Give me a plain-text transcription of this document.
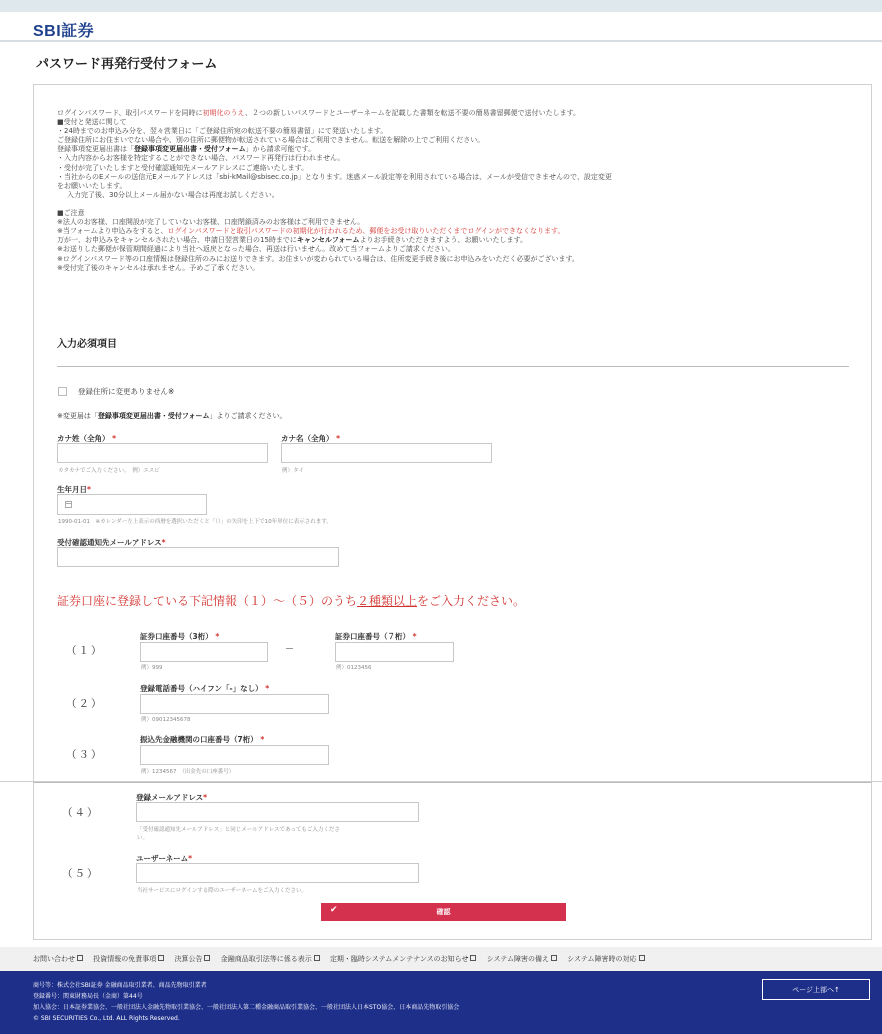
SBI証券
パスワード再発行受付フォーム
ログインパスワード、取引パスワードを同時に初期化のうえ、２つの新しいパスワードとユーザーネームを記載した書類を転送不要の簡易書留郵便で送付いたします。
■受付と発送に関して
・24時までのお申込み分を、翌々営業日に「ご登録住所宛の転送不要の簡易書留」にて発送いたします。
ご登録住所にお住まいでない場合や、別の住所に郵便物が転送されている場合はご利用できません。転送を解除の上でご利用ください。
登録事項変更届出書は「登録事項変更届出書・受付フォーム」から請求可能です。
・入力内容からお客様を特定することができない場合、パスワード再発行は行われません。
・受付が完了いたしますと受付確認通知先メールアドレスにご連絡いたします。
・当社からのEメールの送信元Eメールアドレスは「sbi-kMail@sbisec.co.jp」となります。迷惑メール設定等を利用されている場合は、メールが受信できませんので、設定変更
をお願いいたします。
入力完了後、30分以上メール届かない場合は再度お試しください。

■ご注意
※法人のお客様、口座開設が完了していないお客様、口座閉鎖済みのお客様はご利用できません。
※当フォームより申込みをすると、ログインパスワードと取引パスワードの初期化が行われるため、郵便をお受け取りいただくまでログインができなくなります。
万が一、お申込みをキャンセルされたい場合、申請日翌営業日の15時までにキャンセルフォームよりお手続きいただきますよう、お願いいたします。
※お送りした郵便が保管期間経過により当社へ返戻となった場合、再送は行いません。改めて当フォームよりご請求ください。
※ログインパスワード等の口座情報は登録住所のみにお送りできます。お住まいが変わられている場合は、住所変更手続き後にお申込みをいただく必要がございます。
※受付完了後のキャンセルは承れません。予めご了承ください。
入力必須項目
登録住所に変更ありません※
※変更届は「登録事項変更届出書・受付フォーム」よりご請求ください。
カナ姓（全角） *
カタカナでご入力ください。　例）エスビ
カナ名（全角） *
例）タイ
生年月日*
1990-01-01　※カレンダー左上表示の西暦を選択いただくと「（）」の矢印を上下で10年単位に表示されます。
受付確認通知先メールアドレス*
証券口座に登録している下記情報（１）～（５）のうち２種類以上をご入力ください。
（１）
証券口座番号（3桁） *
例）999
証券口座番号（７桁） *
例）0123456
（２）
登録電話番号（ハイフン「-」なし） *
例）09012345678
（３）
振込先金融機関の口座番号（7桁） *
例）1234567　（出金先の口座番号）
（４）
登録メールアドレス*
「受付確認通知先メールアドレス」と同じメールアドレスであってもご入力くださ
い。
（５）
ユーザーネーム*
当社サービスにログインする際のユーザーネームをご入力ください。
✔	確認
お問い合わせ	投資情報の免責事項	決算公告	金融商品取引法等に係る表示	定期・臨時システムメンテナンスのお知らせ	システム障害の備え	システム障害時の対応
商号等：株式会社SBI証券 金融商品取引業者、商品先物取引業者
登録番号：関東財務局長（金商）第44号
加入協会：日本証券業協会、一般社団法人金融先物取引業協会、一般社団法人第二種金融商品取引業協会、一般社団法人日本STO協会、日本商品先物取引協会
© SBI SECURITIES Co., Ltd. ALL Rights Reserved.
ページ上部へ↑
